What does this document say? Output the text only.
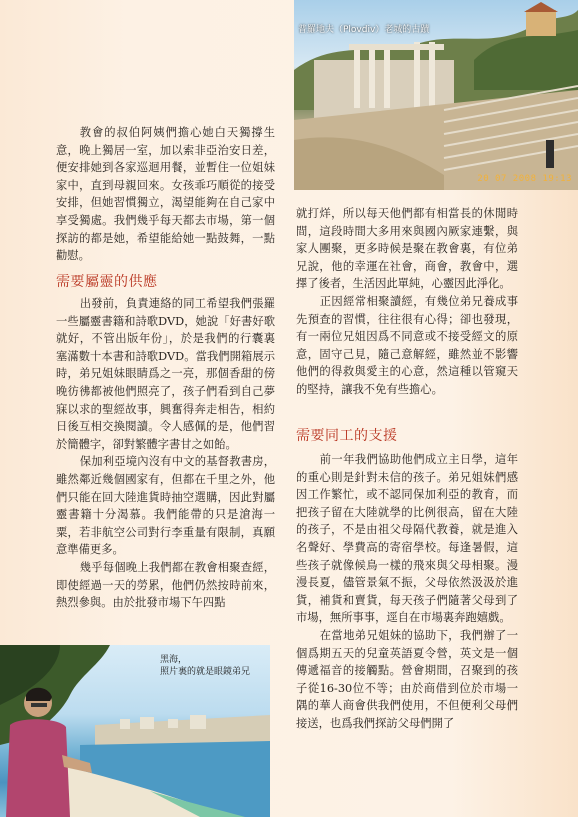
普羅地夫（Plovdiv）老城的古蹟
20 07 2008 19:13
黑海，
照片裏的就是眼鏡弟兄

教會的叔伯阿姨們擔心她白天獨撐生意，晚上獨居一室，加以索非亞治安日差，便安排她到各家巡迴用餐，並暫住一位姐妹家中，直到母親回來。女孩乖巧順從的接受安排，但她習慣獨立，渴望能夠在自己家中享受獨處。我們幾乎每天都去市場，第一個探訪的都是她，希望能給她一點鼓舞，一點勸慰。

需要屬靈的供應

出發前，負責連絡的同工希望我們張羅一些屬靈書籍和詩歌DVD，她說「好書好歌就好，不管出版年份」，於是我們的行囊裏塞滿數十本書和詩歌DVD。當我們開箱展示時，弟兄姐妹眼睛爲之一亮，那個香甜的傍晚彷彿都被他們照亮了，孩子們看到自己夢寐以求的聖經故事，興奮得奔走相告，相約日後互相交換閱讀。令人感佩的是，他們習於簡體字，卻對繁體字書甘之如飴。

保加利亞境內沒有中文的基督教書房，雖然鄰近幾個國家有，但都在千里之外，他們只能在回大陸進貨時抽空選購，因此對屬靈書籍十分渴慕。我們能帶的只是滄海一粟，若非航空公司對行李重量有限制，真願意準備更多。

幾乎每個晚上我們都在教會相聚查經，即使經過一天的勞累，他們仍然按時前來，熱烈參與。由於批發市場下午四點

就打烊，所以每天他們都有相當長的休閒時間，這段時間大多用來與國內厥家連繫，與家人團聚，更多時候是聚在教會裏，有位弟兄說，他的幸運在社會，商會，教會中，選擇了後者，生活因此單純，心靈因此淨化。

正因經常相聚讀經，有幾位弟兄養成事先預查的習慣，往往很有心得；卻也發現，有一兩位兄姐因爲不同意或不接受經文的原意，固守己見，隨己意解經，雖然並不影響他們的得救與愛主的心意，然這種以管窺天的堅持，讓我不免有些擔心。

需要同工的支援

前一年我們協助他們成立主日學，這年的重心則是針對未信的孩子。弟兄姐妹們感因工作繁忙，或不認同保加利亞的教育，而把孩子留在大陸就學的比例很高，留在大陸的孩子，不是由祖父母隔代教養，就是進入名聲好、學費高的寄宿學校。每逢暑假，這些孩子就像候鳥一樣的飛來與父母相聚。漫漫長夏，儘管景氣不振，父母依然汲汲於進貨，補貨和賣貨，每天孩子們隨著父母到了市場，無所事事，逕自在市場裏奔跑嬉戲。

在當地弟兄姐妹的協助下，我們辦了一個爲期五天的兒童英語夏令營，英文是一個傳遞福音的接觸點。營會期間，召聚到的孩子從16-30位不等；由於商借到位於市場一隅的華人商會供我們使用，不但便利父母們接送，也爲我們探訪父母們開了
